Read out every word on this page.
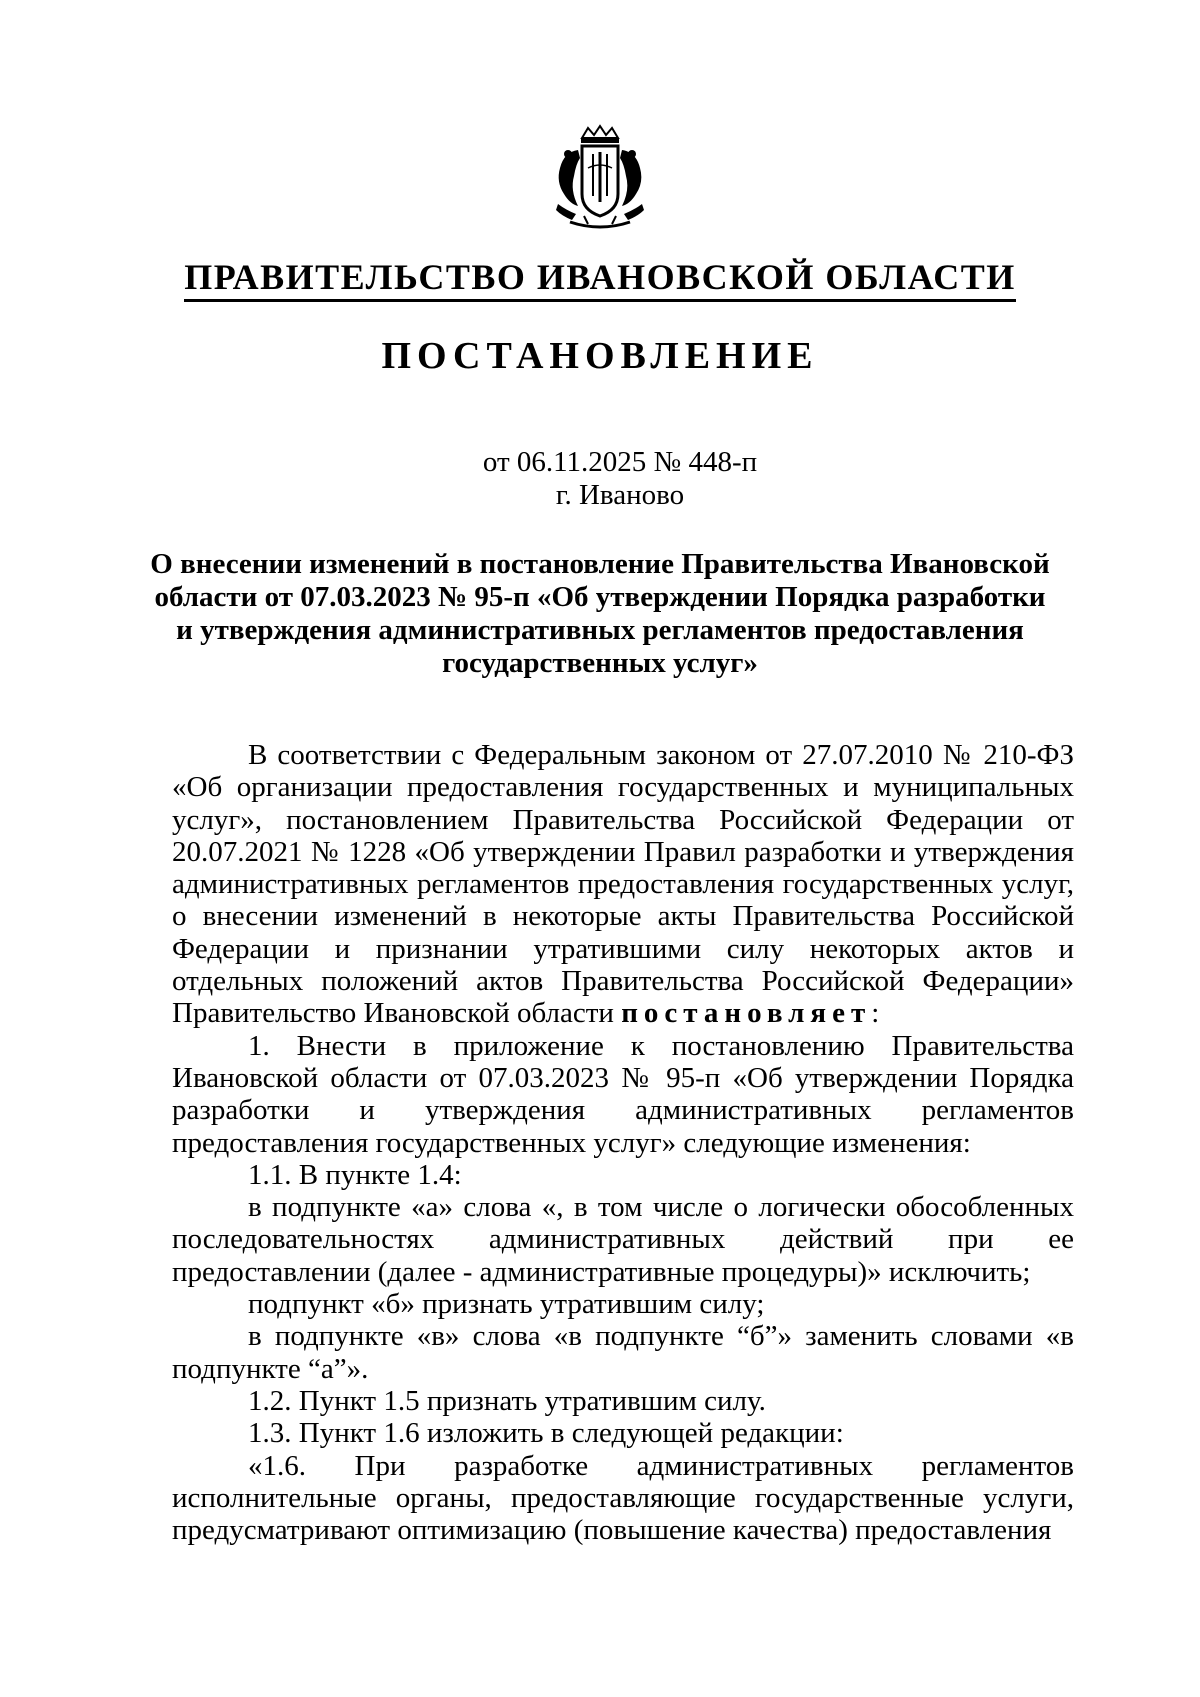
ПРАВИТЕЛЬСТВО ИВАНОВСКОЙ ОБЛАСТИ
ПОСТАНОВЛЕНИЕ
от 06.11.2025 № 448-п
г. Иваново
О внесении изменений в постановление Правительства Ивановской области от 07.03.2023 № 95-п «Об утверждении Порядка разработки и утверждения административных регламентов предоставления государственных услуг»

В соответствии с Федеральным законом от 27.07.2010 № 210-ФЗ «Об организации предоставления государственных и муниципальных услуг», постановлением Правительства Российской Федерации от 20.07.2021 № 1228 «Об утверждении Правил разработки и утверждения административных регламентов предоставления государственных услуг, о внесении изменений в некоторые акты Правительства Российской Федерации и признании утратившими силу некоторых актов и отдельных положений актов Правительства Российской Федерации» Правительство Ивановской области постановляет:

1. Внести в приложение к постановлению Правительства Ивановской области от 07.03.2023 № 95-п «Об утверждении Порядка разработки и утверждения административных регламентов предоставления государственных услуг» следующие изменения:

1.1. В пункте 1.4:

в подпункте «а» слова «, в том числе о логически обособленных последовательностях административных действий при ее предоставлении (далее - административные процедуры)» исключить;

подпункт «б» признать утратившим силу;

в подпункте «в» слова «в подпункте “б”» заменить словами «в подпункте “а”».

1.2. Пункт 1.5 признать утратившим силу.

1.3. Пункт 1.6 изложить в следующей редакции:

«1.6. При разработке административных регламентов исполнительные органы, предоставляющие государственные услуги, предусматривают оптимизацию (повышение качества) предоставления
